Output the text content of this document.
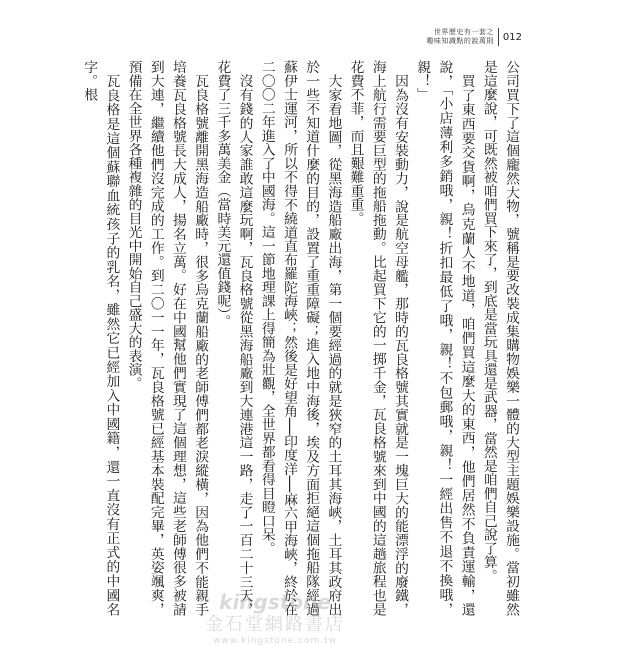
世界歷史有一套之
趣味知識點的說萬則 012

公司買下了這個龐然大物，號稱是要改裝成集購物娛樂一體的大型主題娛樂設施。當初雖然是這麼說，可既然被咱們買下來了，到底是當玩具還是武器，當然是咱們自己說了算。

買了東西要交貨啊，烏克蘭人不地道，咱們買這麼大的東西，他們居然不負責運輸，還說，「小店薄利多銷哦，親！折扣最低了哦，親！不包郵哦，親！一經出售不退不換哦，親！」

因為沒有安裝動力，說是航空母艦，那時的瓦良格號其實就是一塊巨大的能漂浮的廢鐵，海上航行需要巨型的拖船拖動。比起買下它的一掷千金，瓦良格號來到中國的這趟旅程也是花費不菲，而且艱難重重。

大家看地圖，從黑海造船廠出海，第一個要經過的就是狹窄的土耳其海峽，土耳其政府出於一些不知道什麼的目的，設置了重重障礙；進入地中海後，埃及方面拒絕這個拖船隊經過蘇伊士運河，所以不得不繞道直布羅陀海峽；然後是好望角──印度洋──麻六甲海峽，終於在二〇〇二年進入了中國海。這一節地理課上得簡為壯觀，全世界都看得目瞪口呆。

沒有錢的人家誰敢這麼玩啊，瓦良格號從黑海船廠到大連港這一路，走了一百二十三天，花費了三千多萬美金（當時美元還值錢呢）。

瓦良格號離開黑海造船廠時，很多烏克蘭船廠的老師傅們都老淚縱橫，因為他們不能親手培養瓦良格號長大成人，揚名立萬。好在中國幫他們實現了這個理想，這些老師傅很多被請到大連，繼續他們沒完成的工作。到二〇一一年，瓦良格號已經基本裝配完畢，英姿颯爽，預備在全世界各種複雜的目光中開始自己盛大的表演。

瓦良格是這個蘇聯血統孩子的乳名，雖然它已經加入中國籍，還一直沒有正式的中國名字。根

kingstone
金石堂網路書店
www.kingstone.com.tw
